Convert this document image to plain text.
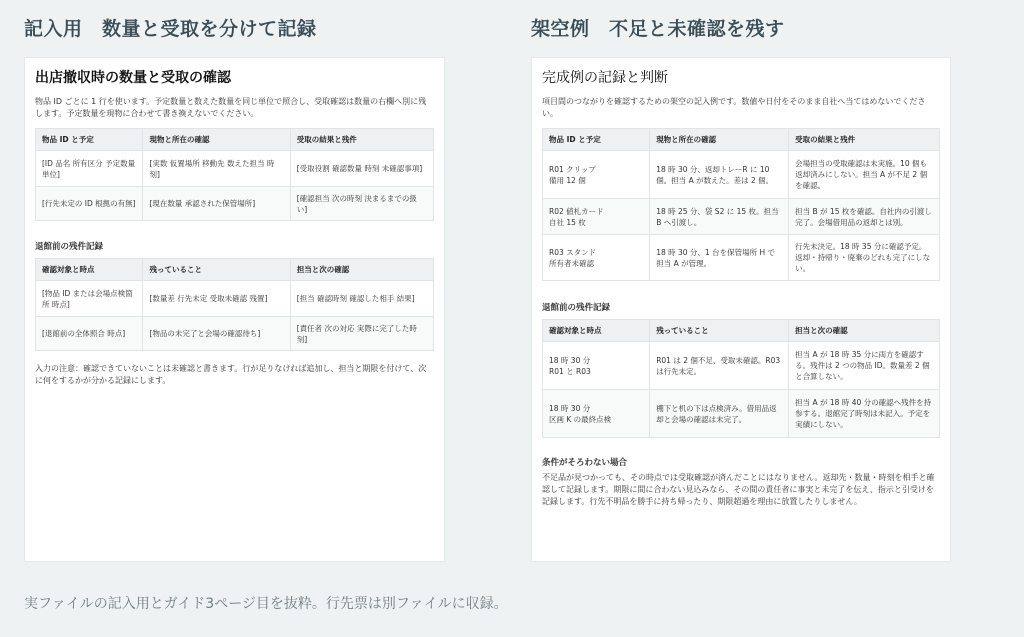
記入用　数量と受取を分けて記録
出店撤収時の数量と受取の確認
物品 ID ごとに 1 行を使います。予定数量と数えた数量を同じ単位で照合し、受取確認は数量の右欄へ別に残します。予定数量を現物に合わせて書き換えないでください。
物品 ID と予定	現物と所在の確認	受取の結果と残件
[ID 品名 所有区分 予定数量 単位]	[実数 仮置場所 移動先 数えた担当 時刻]	[受取役割 確認数量 時刻 未確認事項]
[行先未定の ID 根拠の有無]	[現在数量 承認された保管場所]	[確認担当 次の時刻 決まるまでの扱い]
退館前の残件記録
確認対象と時点	残っていること	担当と次の確認
[物品 ID または会場点検箇所 時点]	[数量差 行先未定 受取未確認 残置]	[担当 確認時刻 確認した相手 結果]
[退館前の全体照合 時点]	[物品の未完了と会場の確認待ち]	[責任者 次の対応 実際に完了した時刻]
入力の注意：確認できていないことは未確認と書きます。行が足りなければ追加し、担当と期限を付けて、次に何をするかが分かる記録にします。
架空例　不足と未確認を残す
完成例の記録と判断
項目間のつながりを確認するための架空の記入例です。数値や日付をそのまま自社へ当てはめないでください。
物品 ID と予定	現物と所在の確認	受取の結果と残件
R01 クリップ
備用 12 個	18 時 30 分、返却トレーR に 10 個。担当 A が数えた。差は 2 個。	会場担当の受取確認は未実施。10 個も返却済みにしない。担当 A が不足 2 個を確認。
R02 値札カード
自社 15 枚	18 時 25 分、袋 S2 に 15 枚。担当 B へ引渡し。	担当 B が 15 枚を確認。自社内の引渡し完了。会場借用品の返却とは別。
R03 スタンド
所有者未確認	18 時 30 分、1 台を保管場所 H で担当 A が管理。	行先未決定。18 時 35 分に確認予定。返却・持帰り・廃棄のどれも完了にしない。
退館前の残件記録
確認対象と時点	残っていること	担当と次の確認
18 時 30 分
R01 と R03	R01 は 2 個不足、受取未確認。R03 は行先未定。	担当 A が 18 時 35 分に両方を確認する。残件は 2 つの物品 ID。数量差 2 個と合算しない。
18 時 30 分
区画 K の最終点検	棚下と机の下は点検済み。借用品返却と会場の確認は未完了。	担当 A が 18 時 40 分の確認へ残件を持参する。退館完了時刻は未記入。予定を実績にしない。
条件がそろわない場合
不足品が見つかっても、その時点では受取確認が済んだことにはなりません。返却先・数量・時刻を相手と確認して記録します。期限に間に合わない見込みなら、その間の責任者に事実と未完了を伝え、指示と引受けを記録します。行先不明品を勝手に持ち帰ったり、期限超過を理由に放置したりしません。
実ファイルの記入用とガイド3ページ目を抜粋。行先票は別ファイルに収録。
